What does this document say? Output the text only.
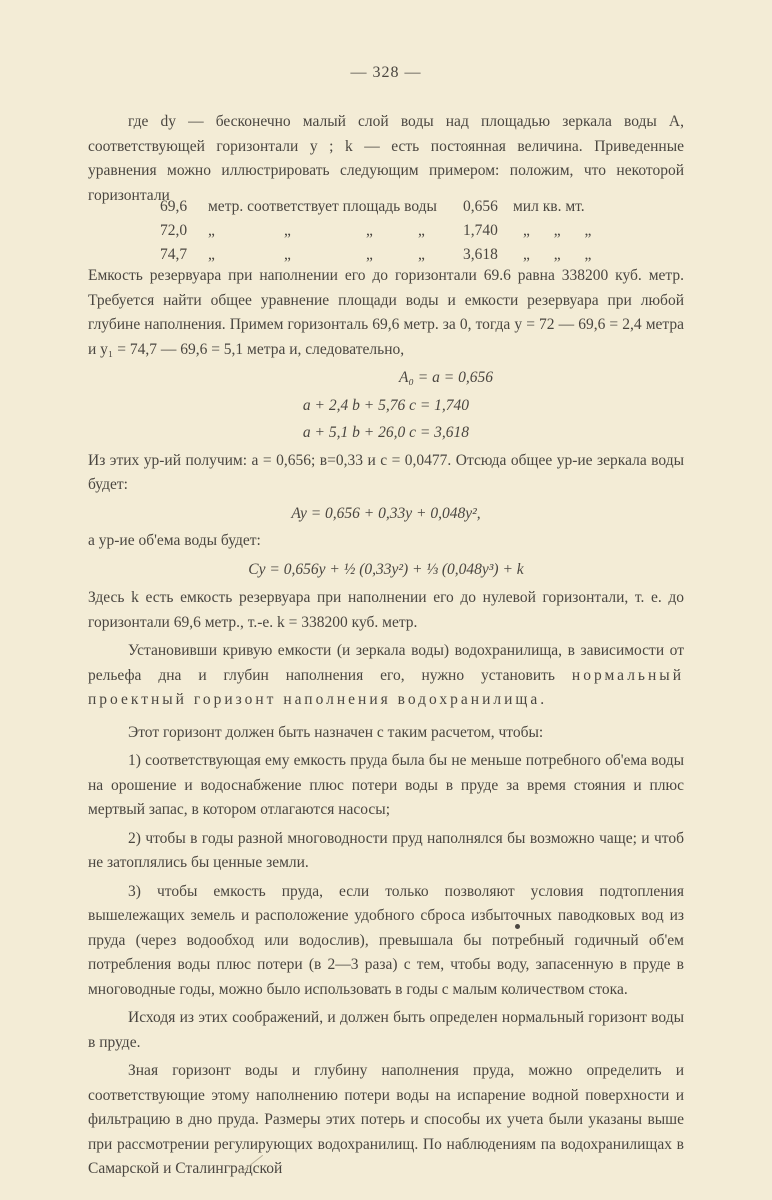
— 328 —

где dy — бесконечно малый слой воды над площадью зеркала воды A, соответствующей горизонтали y ; k — есть постоянная величина. Приведенные уравнения можно иллюстрировать следующим примером: положим, что некоторой горизонтали

69,6 метр. соответствует площадь воды 0,656 мил кв. мт.
72,0 „	„	„	„ 1,740 „ „ „
74,7 „	„	„	„ 3,618 „ „ „

Емкость резервуара при наполнении его до горизонтали 69.6 равна 338200 куб. метр. Требуется найти общее уравнение площади воды и емкости резервуара при любой глубине наполнения. Примем горизонталь 69,6 метр. за 0, тогда y = 72 — 69,6 = 2,4 метра и y₁ = 74,7 — 69,6 = 5,1 метра и, следовательно,

A₀ = a = 0,656
a + 2,4 b + 5,76 c = 1,740
a + 5,1 b + 26,0 c = 3,618

Из этих ур-ий получим: a = 0,656; в=0,33 и c = 0,0477. Отсюда общее ур-ие зеркала воды будет:

Ay = 0,656 + 0,33y + 0,048y²,

а ур-ие об'ема воды будет:

Cy = 0,656y + ½ (0,33y²) + ⅓ (0,048y³) + k

Здесь k есть емкость резервуара при наполнении его до нулевой горизонтали, т. е. до горизонтали 69,6 метр., т.-е. k = 338200 куб. метр.

Установивши кривую емкости (и зеркала воды) водохранилища, в зависимости от рельефа дна и глубин наполнения его, нужно установить нормальный проектный горизонт наполнения водохранилища.

Этот горизонт должен быть назначен с таким расчетом, чтобы:

1) соответствующая ему емкость пруда была бы не меньше потребного об'ема воды на орошение и водоснабжение плюс потери воды в пруде за время стояния и плюс мертвый запас, в котором отлагаются насосы;

2) чтобы в годы разной многоводности пруд наполнялся бы возможно чаще; и чтоб не затоплялись бы ценные земли.

3) чтобы емкость пруда, если только позволяют условия подтопления вышележащих земель и расположение удобного сброса избыточных паводковых вод из пруда (через водообход или водослив), превышала бы потребный годичный об'ем потребления воды плюс потери (в 2—3 раза) с тем, чтобы воду, запасенную в пруде в многоводные годы, можно было использовать в годы с малым количеством стока.

Исходя из этих соображений, и должен быть определен нормальный горизонт воды в пруде.

Зная горизонт воды и глубину наполнения пруда, можно определить и соответствующие этому наполнению потери воды на испарение водной поверхности и фильтрацию в дно пруда. Размеры этих потерь и способы их учета были указаны выше при рассмотрении регулирующих водохранилищ. По наблюдениям па водохранилищах в Самарской и Сталинградской
